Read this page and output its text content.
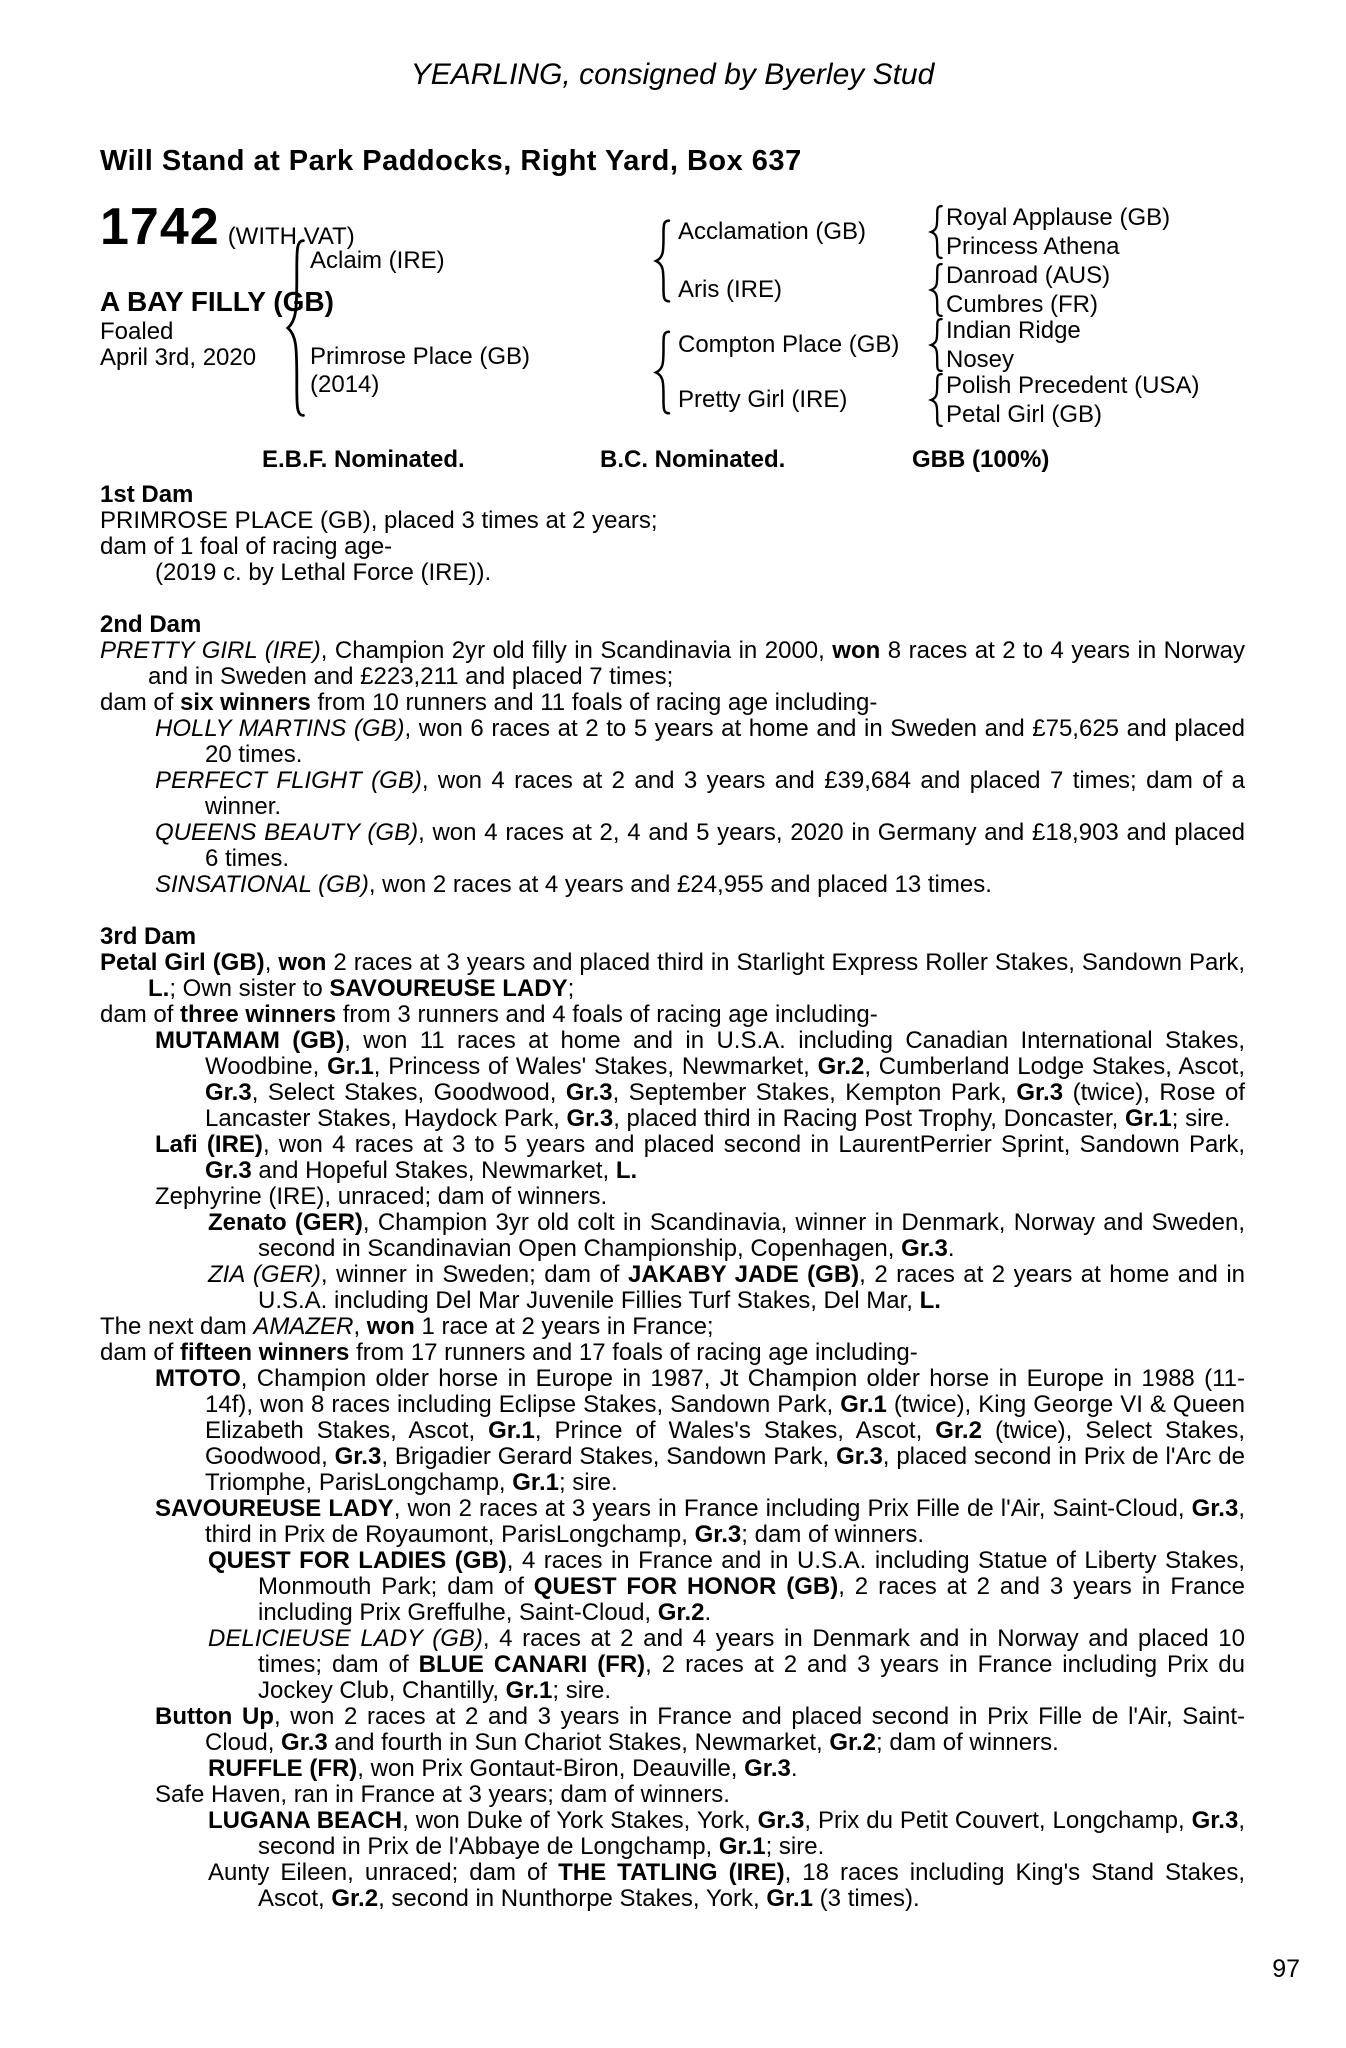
YEARLING, consigned by Byerley Stud
Will Stand at Park Paddocks, Right Yard, Box 637
1742 (WITH VAT)
A BAY FILLY (GB)
Foaled
April 3rd, 2020
Aclaim (IRE)
Primrose Place (GB)
(2014)
Acclamation (GB)
Aris (IRE)
Compton Place (GB)
Pretty Girl (IRE)
Royal Applause (GB)
Princess Athena
Danroad (AUS)
Cumbres (FR)
Indian Ridge
Nosey
Polish Precedent (USA)
Petal Girl (GB)
E.B.F. Nominated.	B.C. Nominated.	GBB (100%)
1st Dam

PRIMROSE PLACE (GB), placed 3 times at 2 years;

dam of 1 foal of racing age-

(2019 c. by Lethal Force (IRE)).

2nd Dam

PRETTY GIRL (IRE), Champion 2yr old filly in Scandinavia in 2000, won 8 races at 2 to 4 years in Norway and in Sweden and £223,211 and placed 7 times;

dam of six winners from 10 runners and 11 foals of racing age including-

HOLLY MARTINS (GB), won 6 races at 2 to 5 years at home and in Sweden and £75,625 and placed 20 times.

PERFECT FLIGHT (GB), won 4 races at 2 and 3 years and £39,684 and placed 7 times; dam of a winner.

QUEENS BEAUTY (GB), won 4 races at 2, 4 and 5 years, 2020 in Germany and £18,903 and placed 6 times.

SINSATIONAL (GB), won 2 races at 4 years and £24,955 and placed 13 times.

3rd Dam

Petal Girl (GB), won 2 races at 3 years and placed third in Starlight Express Roller Stakes, Sandown Park, L.; Own sister to SAVOUREUSE LADY;

dam of three winners from 3 runners and 4 foals of racing age including-

MUTAMAM (GB), won 11 races at home and in U.S.A. including Canadian International Stakes, Woodbine, Gr.1, Princess of Wales' Stakes, Newmarket, Gr.2, Cumberland Lodge Stakes, Ascot, Gr.3, Select Stakes, Goodwood, Gr.3, September Stakes, Kempton Park, Gr.3 (twice), Rose of Lancaster Stakes, Haydock Park, Gr.3, placed third in Racing Post Trophy, Doncaster, Gr.1; sire.

Lafi (IRE), won 4 races at 3 to 5 years and placed second in LaurentPerrier Sprint, Sandown Park, Gr.3 and Hopeful Stakes, Newmarket, L.

Zephyrine (IRE), unraced; dam of winners.

Zenato (GER), Champion 3yr old colt in Scandinavia, winner in Denmark, Norway and Sweden, second in Scandinavian Open Championship, Copenhagen, Gr.3.

ZIA (GER), winner in Sweden; dam of JAKABY JADE (GB), 2 races at 2 years at home and in U.S.A. including Del Mar Juvenile Fillies Turf Stakes, Del Mar, L.

The next dam AMAZER, won 1 race at 2 years in France;

dam of fifteen winners from 17 runners and 17 foals of racing age including-

MTOTO, Champion older horse in Europe in 1987, Jt Champion older horse in Europe in 1988 (11-14f), won 8 races including Eclipse Stakes, Sandown Park, Gr.1 (twice), King George VI & Queen Elizabeth Stakes, Ascot, Gr.1, Prince of Wales's Stakes, Ascot, Gr.2 (twice), Select Stakes, Goodwood, Gr.3, Brigadier Gerard Stakes, Sandown Park, Gr.3, placed second in Prix de l'Arc de Triomphe, ParisLongchamp, Gr.1; sire.

SAVOUREUSE LADY, won 2 races at 3 years in France including Prix Fille de l'Air, Saint-Cloud, Gr.3, third in Prix de Royaumont, ParisLongchamp, Gr.3; dam of winners.

QUEST FOR LADIES (GB), 4 races in France and in U.S.A. including Statue of Liberty Stakes, Monmouth Park; dam of QUEST FOR HONOR (GB), 2 races at 2 and 3 years in France including Prix Greffulhe, Saint-Cloud, Gr.2.

DELICIEUSE LADY (GB), 4 races at 2 and 4 years in Denmark and in Norway and placed 10 times; dam of BLUE CANARI (FR), 2 races at 2 and 3 years in France including Prix du Jockey Club, Chantilly, Gr.1; sire.

Button Up, won 2 races at 2 and 3 years in France and placed second in Prix Fille de l'Air, Saint-Cloud, Gr.3 and fourth in Sun Chariot Stakes, Newmarket, Gr.2; dam of winners.

RUFFLE (FR), won Prix Gontaut-Biron, Deauville, Gr.3.

Safe Haven, ran in France at 3 years; dam of winners.

LUGANA BEACH, won Duke of York Stakes, York, Gr.3, Prix du Petit Couvert, Longchamp, Gr.3, second in Prix de l'Abbaye de Longchamp, Gr.1; sire.

Aunty Eileen, unraced; dam of THE TATLING (IRE), 18 races including King's Stand Stakes, Ascot, Gr.2, second in Nunthorpe Stakes, York, Gr.1 (3 times).

97
